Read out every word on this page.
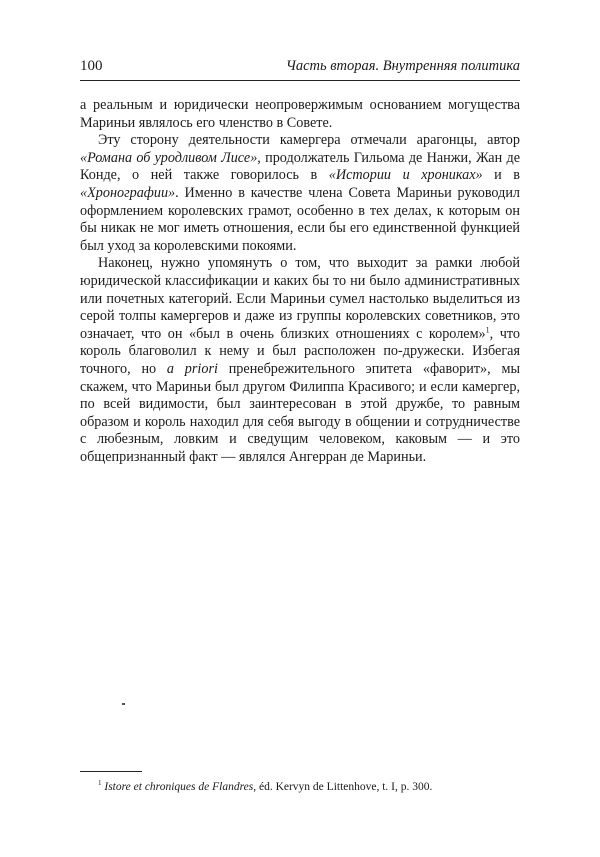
100	Часть вторая. Внутренняя политика

а реальным и юридически неопровержимым основанием могущества Мариньи являлось его членство в Совете.

Эту сторону деятельности камергера отмечали арагонцы, автор «Романа об уродливом Лисе», продолжатель Гильома де Нанжи, Жан де Конде, о ней также говорилось в «Истории и хрониках» и в «Хронографии». Именно в качестве члена Совета Мариньи руководил оформлением королевских грамот, особенно в тех делах, к которым он бы никак не мог иметь отношения, если бы его единственной функцией был уход за королевскими покоями.

Наконец, нужно упомянуть о том, что выходит за рамки любой юридической классификации и каких бы то ни было административных или почетных категорий. Если Мариньи сумел настолько выделиться из серой толпы камергеров и даже из группы королевских советников, это означает, что он «был в очень близких отношениях с королем»$^1$, что король благоволил к нему и был расположен по-дружески. Избегая точного, но a priori пренебрежительного эпитета «фаворит», мы скажем, что Мариньи был другом Филиппа Красивого; и если камергер, по всей видимости, был заинтересован в этой дружбе, то равным образом и король находил для себя выгоду в общении и сотрудничестве с любезным, ловким и сведущим человеком, каковым — и это общепризнанный факт — являлся Ангерран де Мариньи.

$^1$ Istore et chroniques de Flandres, éd. Kervyn de Littenhove, t. I, p. 300.
